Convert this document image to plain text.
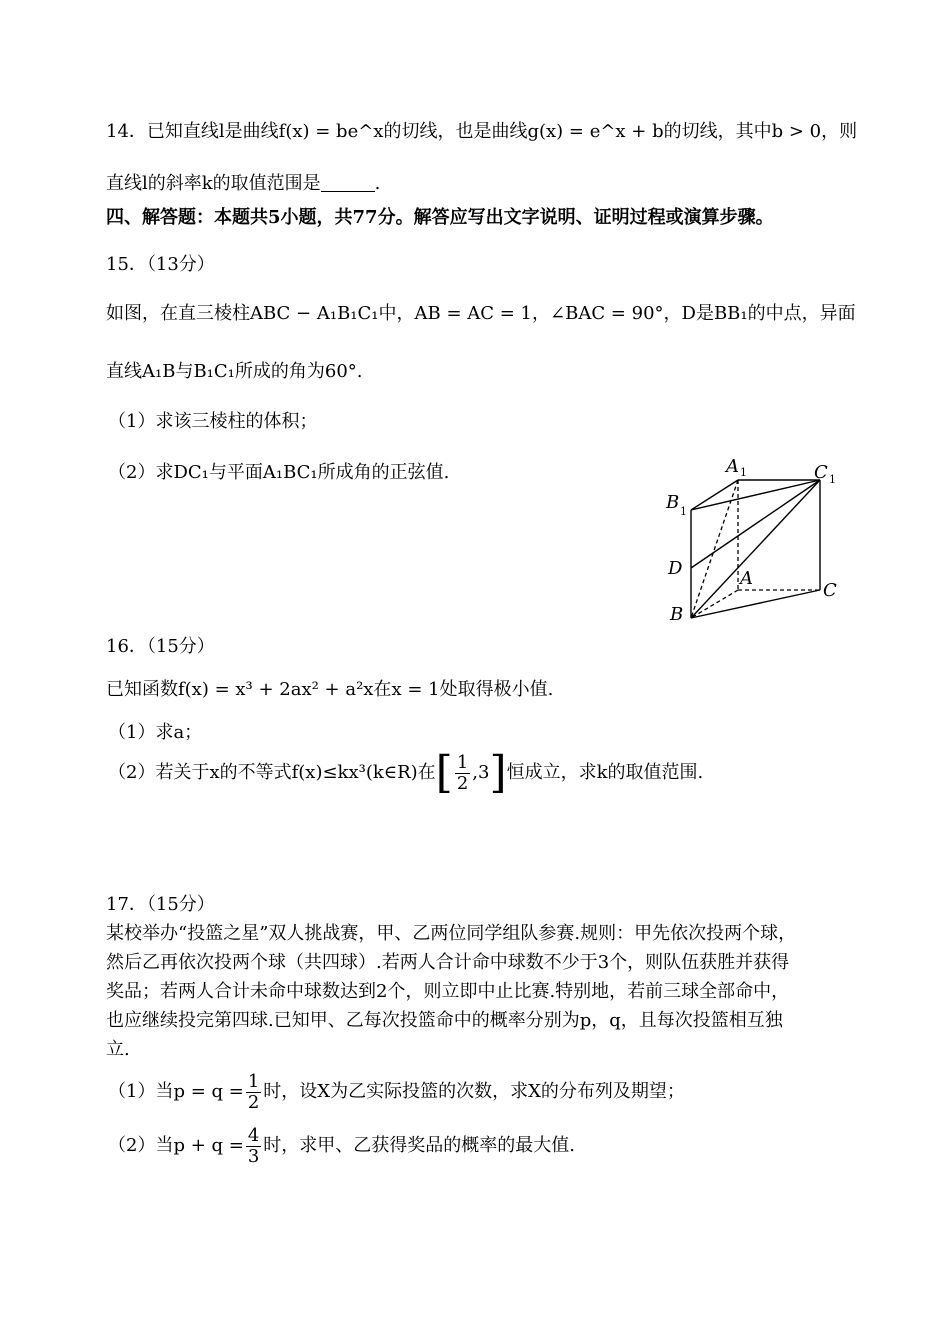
14．已知直线l是曲线f(x) = be^x的切线，也是曲线g(x) = e^x + b的切线，其中b > 0，则
直线l的斜率k的取值范围是	.
四、解答题：本题共5小题，共77分。解答应写出文字说明、证明过程或演算步骤。
15．（13分）
如图，在直三棱柱ABC − A₁B₁C₁中，AB = AC = 1，∠BAC = 90°，D是BB₁的中点，异面
直线A₁B与B₁C₁所成的角为60°.
（1）求该三棱柱的体积；
（2）求DC₁与平面A₁BC₁所成角的正弦值.	A 1	C 1
B 1
D	A
B
C
16．（15分）
已知函数f(x) = x³ + 2ax² + a²x在x = 1处取得极小值.
（1）求a；
（2）若关于x的不等式f(x)≤kx³(k∈R)在[ $\frac{1}{2} ,3$]恒成立，求k的取值范围.
17．（15分）
某校举办“投篮之星”双人挑战赛，甲、乙两位同学组队参赛.规则：甲先依次投两个球，
然后乙再依次投两个球（共四球）.若两人合计命中球数不少于3个，则队伍获胜并获得
奖品；若两人合计未命中球数达到2个，则立即中止比赛.特别地，若前三球全部命中，
也应继续投完第四球.已知甲、乙每次投篮命中的概率分别为p，q，且每次投篮相互独
立.
（1）当$p = q = \frac{1}{2}$ 时，设X为乙实际投篮的次数，求X的分布列及期望；
（2）当$p + q = \frac{4}{3}$ 时，求甲、乙获得奖品的概率的最大值.
